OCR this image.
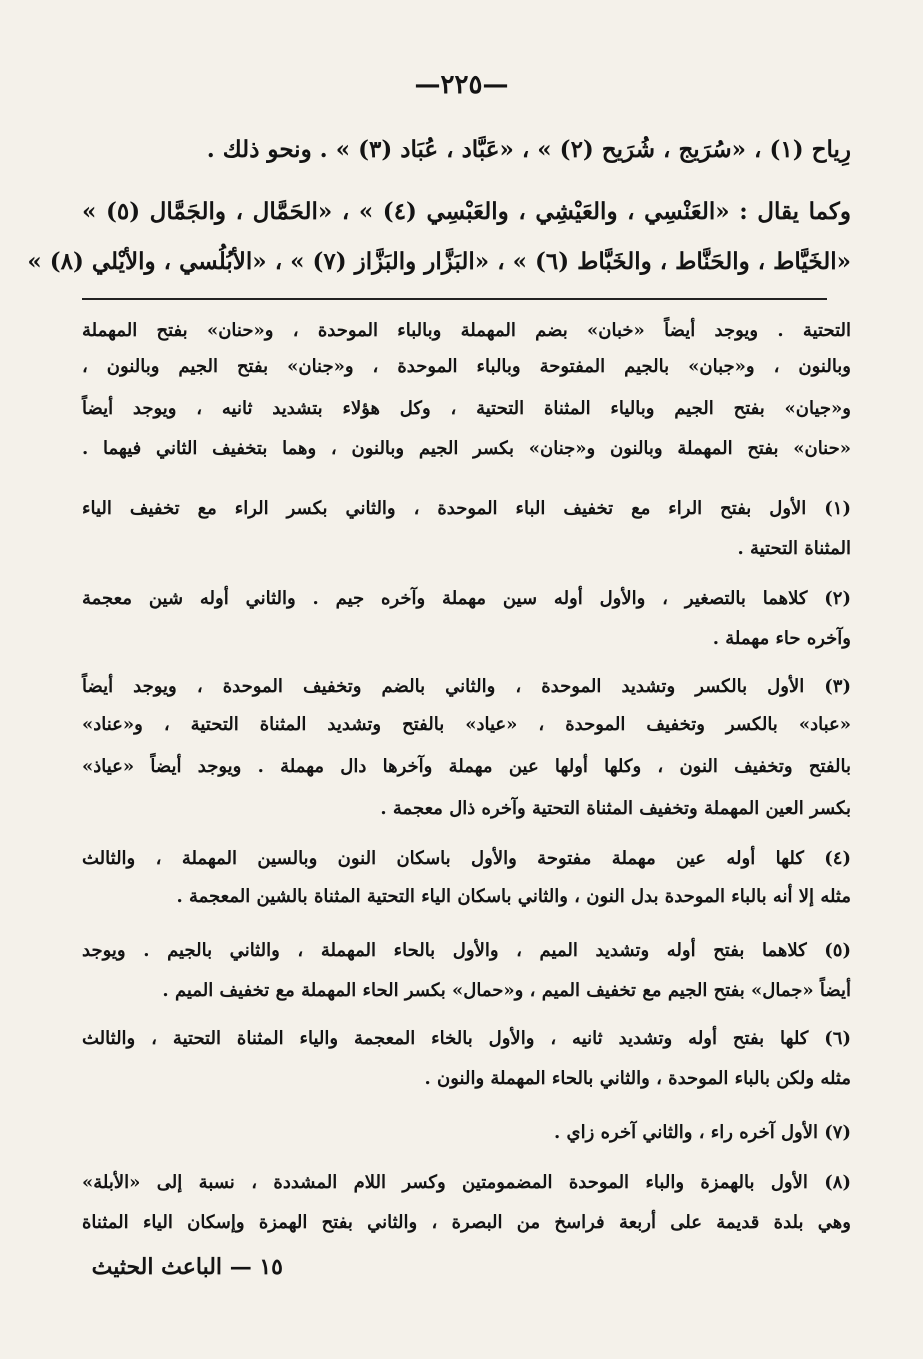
—٢٢٥—
رِياح (١) ، «سُرَيج ، شُرَيح (٢) » ، «عَبَّاد ، عُبَاد (٣) » . ونحو ذلك .
وكما يقال : «العَنْسِي ، والعَيْشِي ، والعَبْسِي (٤) » ، «الحَمَّال ، والجَمَّال (٥) »
«الخَيَّاط ، والحَنَّاط ، والخَبَّاط (٦) » ، «البَزَّار والبَزَّاز (٧) » ، «الأبُلُسي ، والأيْلي (٨) »
التحتية . ويوجد أيضاً «خبان» بضم المهملة وبالباء الموحدة ، و«حنان» بفتح المهملة
وبالنون ، و«جبان» بالجيم المفتوحة وبالباء الموحدة ، و«جنان» بفتح الجيم وبالنون ،
و«جيان» بفتح الجيم وبالياء المثناة التحتية ، وكل هؤلاء بتشديد ثانيه ، ويوجد أيضاً
«حنان» بفتح المهملة وبالنون و«جنان» بكسر الجيم وبالنون ، وهما بتخفيف الثاني فيهما .
(١) الأول بفتح الراء مع تخفيف الباء الموحدة ، والثاني بكسر الراء مع تخفيف الياء
المثناة التحتية .
(٢) كلاهما بالتصغير ، والأول أوله سين مهملة وآخره جيم . والثاني أوله شين معجمة
وآخره حاء مهملة .
(٣) الأول بالكسر وتشديد الموحدة ، والثاني بالضم وتخفيف الموحدة ، ويوجد أيضاً
«عباد» بالكسر وتخفيف الموحدة ، «عياد» بالفتح وتشديد المثناة التحتية ، و«عناد»
بالفتح وتخفيف النون ، وكلها أولها عين مهملة وآخرها دال مهملة . ويوجد أيضاً «عياذ»
بكسر العين المهملة وتخفيف المثناة التحتية وآخره ذال معجمة .
(٤) كلها أوله عين مهملة مفتوحة والأول باسكان النون وبالسين المهملة ، والثالث
مثله إلا أنه بالباء الموحدة بدل النون ، والثاني باسكان الياء التحتية المثناة بالشين المعجمة .
(٥) كلاهما بفتح أوله وتشديد الميم ، والأول بالحاء المهملة ، والثاني بالجيم . ويوجد
أيضاً «جمال» بفتح الجيم مع تخفيف الميم ، و«حمال» بكسر الحاء المهملة مع تخفيف الميم .
(٦) كلها بفتح أوله وتشديد ثانيه ، والأول بالخاء المعجمة والياء المثناة التحتية ، والثالث
مثله ولكن بالباء الموحدة ، والثاني بالحاء المهملة والنون .
(٧) الأول آخره راء ، والثاني آخره زاي .
(٨) الأول بالهمزة والباء الموحدة المضمومتين وكسر اللام المشددة ، نسبة إلى «الأبلة»
وهي بلدة قديمة على أربعة فراسخ من البصرة ، والثاني بفتح الهمزة وإسكان الياء المثناة
١٥ — الباعث الحثيث
